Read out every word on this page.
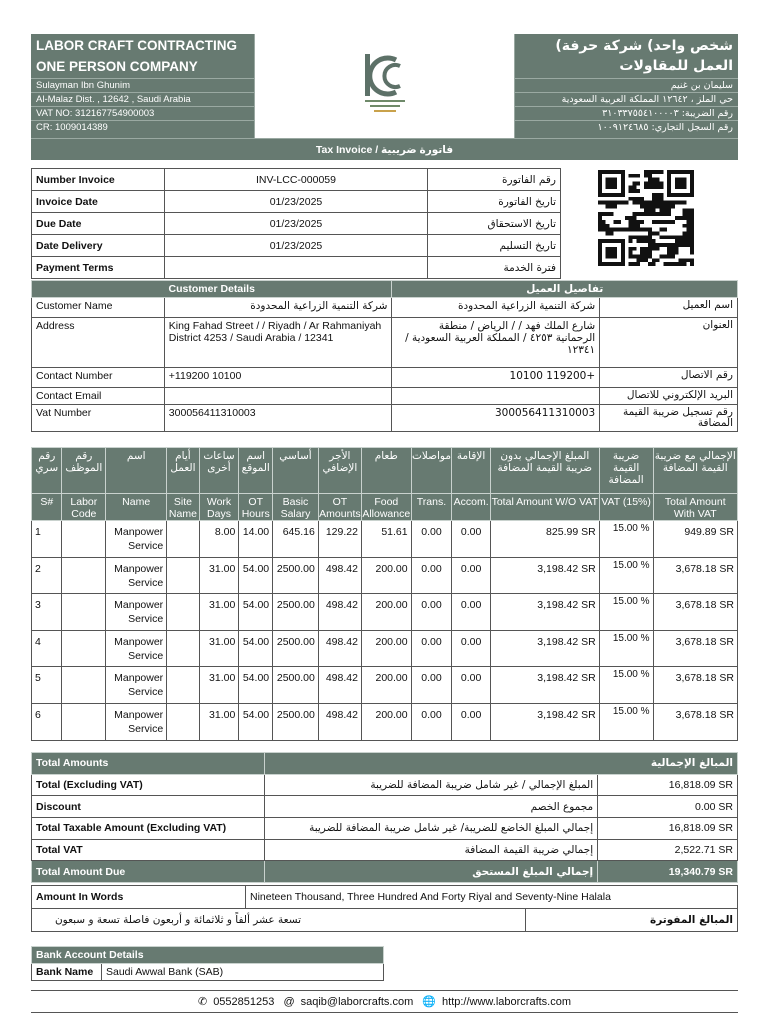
LABOR CRAFT CONTRACTING ONE PERSON COMPANY
Sulayman Ibn Ghunim
Al-Malaz Dist. , 12642 , Saudi Arabia
VAT NO: 312167754900003
CR: 1009014389
شخص واحد) شركة حرفة) العمل للمقاولات
سليمان بن غنيم
حي الملز ، ١٢٦٤٢ المملكة العربية السعودية
رقم الضريبة: ٣١٠٣٣٧٥٥٤١٠٠٠٠٣
رقم السجل التجاري: ١٠٠٩١٢٤٦٨٥
Tax Invoice / فاتورة ضريبية
Number Invoice	INV-LCC-000059	رقم الفاتورة
Invoice Date	01/23/2025	تاريخ الفاتورة
Due Date	01/23/2025	تاريخ الاستحقاق
Date Delivery	01/23/2025	تاريخ التسليم
Payment Terms		فترة الخدمة
Customer Details		تفاصيل العميل	
Customer Name	شركة التنمية الزراعية المحدودة	شركة التنمية الزراعية المحدودة	اسم العميل
Address	King Fahad Street / / Riyadh / Ar Rahmaniyah District 4253 / Saudi Arabia / 12341	شارع الملك فهد / / الرياض / منطقة الرحمانية ٤٢٥٣ / المملكة العربية السعودية / ١٢٣٤١	العنوان
Contact Number	+119200 10100	+119200 10100	رقم الاتصال
Contact Email			البريد الإلكتروني للاتصال
Vat Number	300056411310003	300056411310003	رقم تسجيل ضريبة القيمة المضافة
رقم سري	رقم الموظف	اسم	أيام العمل	ساعات أخرى	اسم الموقع	أساسي	الأجر الإضافي	طعام	مواصلات	الإقامة	المبلغ الإجمالي بدون ضريبة القيمة المضافة	ضريبة القيمة المضافة	الإجمالي مع ضريبة القيمة المضافة
S#	Labor Code	Name	Site Name	Work Days	OT Hours	Basic Salary	OT Amounts	Food Allowance	Trans.	Accom.	Total Amount W/O VAT	VAT (15%)	Total Amount With VAT
1		Manpower Service		8.00	14.00	645.16	129.22	51.61	0.00	0.00	825.99 SR	15.00 %	949.89 SR
2		Manpower Service		31.00	54.00	2500.00	498.42	200.00	0.00	0.00	3,198.42 SR	15.00 %	3,678.18 SR
3		Manpower Service		31.00	54.00	2500.00	498.42	200.00	0.00	0.00	3,198.42 SR	15.00 %	3,678.18 SR
4		Manpower Service		31.00	54.00	2500.00	498.42	200.00	0.00	0.00	3,198.42 SR	15.00 %	3,678.18 SR
5		Manpower Service		31.00	54.00	2500.00	498.42	200.00	0.00	0.00	3,198.42 SR	15.00 %	3,678.18 SR
6		Manpower Service		31.00	54.00	2500.00	498.42	200.00	0.00	0.00	3,198.42 SR	15.00 %	3,678.18 SR
Total Amounts	المبالغ الإجمالية	
Total (Excluding VAT)	المبلغ الإجمالي / غير شامل ضريبة المضافة للضريبة	16,818.09 SR
Discount	مجموع الخصم	0.00 SR
Total Taxable Amount (Excluding VAT)	إجمالي المبلغ الخاضع للضريبة/ غير شامل ضريبة المضافة للضريبة	16,818.09 SR
Total VAT	إجمالي ضريبة القيمة المضافة	2,522.71 SR
Total Amount Due	إجمالي المبلغ المستحق	19,340.79 SR
Amount In Words	Nineteen Thousand, Three Hundred And Forty Riyal and Seventy-Nine Halala	
تسعة عشر ألفاً و ثلاثمائة و أربعون فاصلة تسعة و سبعون		المبالغ المفوترة
Bank Account Details
Bank Name	Saudi Awwal Bank (SAB)
✆ 0552851253 @ saqib@laborcrafts.com 🌐 http://www.laborcrafts.com
